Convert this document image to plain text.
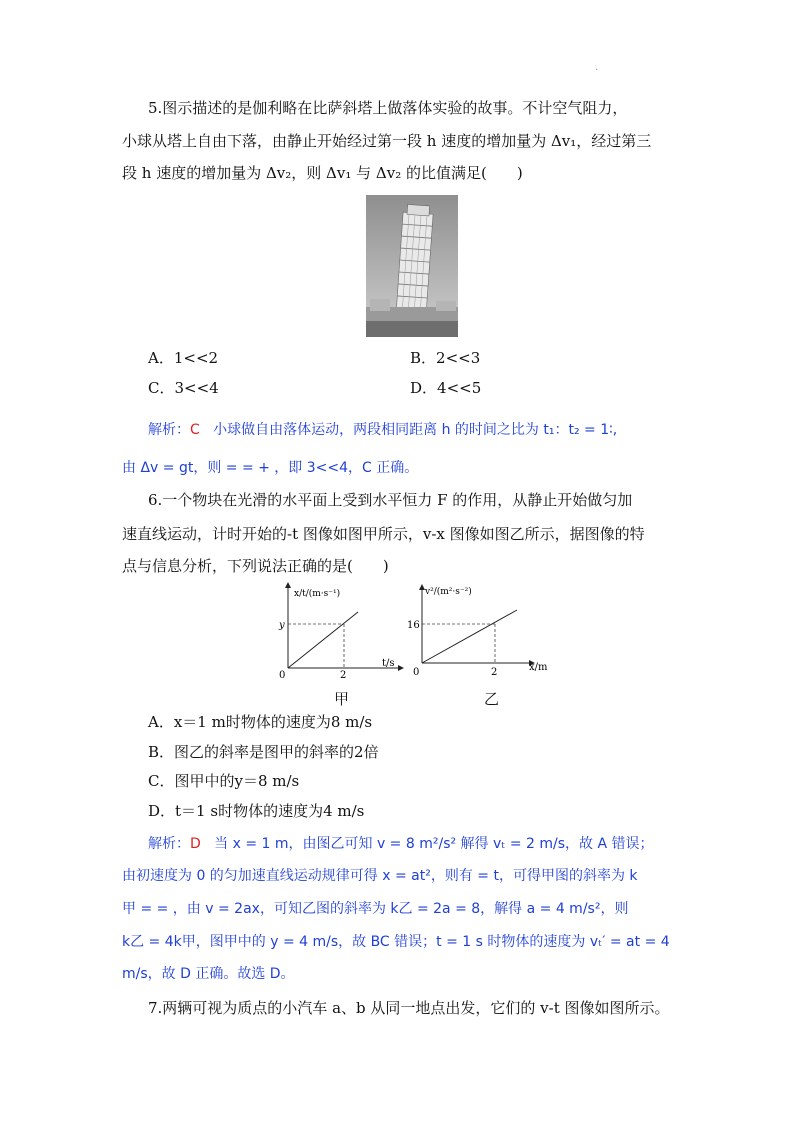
.
5.图示描述的是伽利略在比萨斜塔上做落体实验的故事。不计空气阻力，
小球从塔上自由下落，由静止开始经过第一段 h 速度的增加量为 Δv₁，经过第三
段 h 速度的增加量为 Δv₂，则 Δv₁ 与 Δv₂ 的比值满足(　　)
A．1<<2	B．2<<3
C．3<<4	D．4<<5
解析：C 小球做自由落体运动，两段相同距离 h 的时间之比为 t₁：t₂ = 1∶,
由 Δv = gt，则 = = + ，即 3<<4，C 正确。
6.一个物块在光滑的水平面上受到水平恒力 F 的作用，从静止开始做匀加
速直线运动，计时开始的-t 图像如图甲所示，v-x 图像如图乙所示，据图像的特
点与信息分析，下列说法正确的是(　　)
x/t/(m·s⁻¹)
y
2
0
t/s
甲
v²/(m²·s⁻²)
16
2
0	x/m
乙
A．x＝1 m时物体的速度为8 m/s
B．图乙的斜率是图甲的斜率的2倍
C．图甲中的y＝8 m/s
D．t＝1 s时物体的速度为4 m/s
解析：D 当 x = 1 m，由图乙可知 v = 8 m²/s² 解得 vₜ = 2 m/s，故 A 错误；
由初速度为 0 的匀加速直线运动规律可得 x = at²，则有 = t，可得甲图的斜率为 k
甲 = = ，由 v = 2ax，可知乙图的斜率为 k乙 = 2a = 8，解得 a = 4 m/s²，则
k乙 = 4k甲，图甲中的 y = 4 m/s，故 BC 错误；t = 1 s 时物体的速度为 vₜ′ = at = 4
m/s，故 D 正确。故选 D。
7.两辆可视为质点的小汽车 a、b 从同一地点出发，它们的 v-t 图像如图所示。
